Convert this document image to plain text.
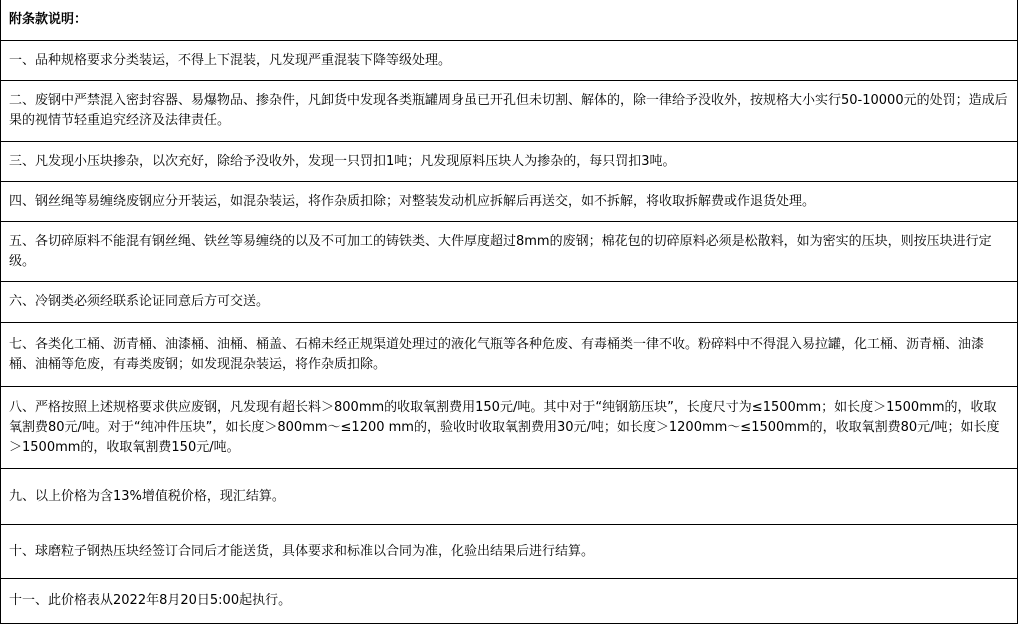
附条款说明：
一、品种规格要求分类装运，不得上下混装，凡发现严重混装下降等级处理。
二、废钢中严禁混入密封容器、易爆物品、掺杂件，凡卸货中发现各类瓶罐周身虽已开孔但未切割、解体的，除一律给予没收外，按规格大小实行50-10000元的处罚；造成后果的视情节轻重追究经济及法律责任。
三、凡发现小压块掺杂，以次充好，除给予没收外，发现一只罚扣1吨；凡发现原料压块人为掺杂的，每只罚扣3吨。
四、钢丝绳等易缠绕废钢应分开装运，如混杂装运，将作杂质扣除；对整装发动机应拆解后再送交，如不拆解，将收取拆解费或作退货处理。
五、各切碎原料不能混有钢丝绳、铁丝等易缠绕的以及不可加工的铸铁类、大件厚度超过8mm的废钢；棉花包的切碎原料必须是松散料，如为密实的压块，则按压块进行定级。
六、冷钢类必须经联系论证同意后方可交送。
七、各类化工桶、沥青桶、油漆桶、油桶、桶盖、石棉未经正规渠道处理过的液化气瓶等各种危废、有毒桶类一律不收。粉碎料中不得混入易拉罐，化工桶、沥青桶、油漆桶、油桶等危废，有毒类废钢；如发现混杂装运，将作杂质扣除。
八、严格按照上述规格要求供应废钢，凡发现有超长料＞800mm的收取氧割费用150元/吨。其中对于“纯钢筋压块”，长度尺寸为≤1500mm；如长度＞1500mm的，收取氧割费80元/吨。对于“纯冲件压块”，如长度＞800mm～≤1200 mm的，验收时收取氧割费用30元/吨；如长度＞1200mm～≤1500mm的，收取氧割费80元/吨；如长度＞1500mm的，收取氧割费150元/吨。
九、以上价格为含13%增值税价格，现汇结算。
十、球磨粒子钢热压块经签订合同后才能送货，具体要求和标准以合同为准，化验出结果后进行结算。
十一、此价格表从2022年8月20日5:00起执行。
